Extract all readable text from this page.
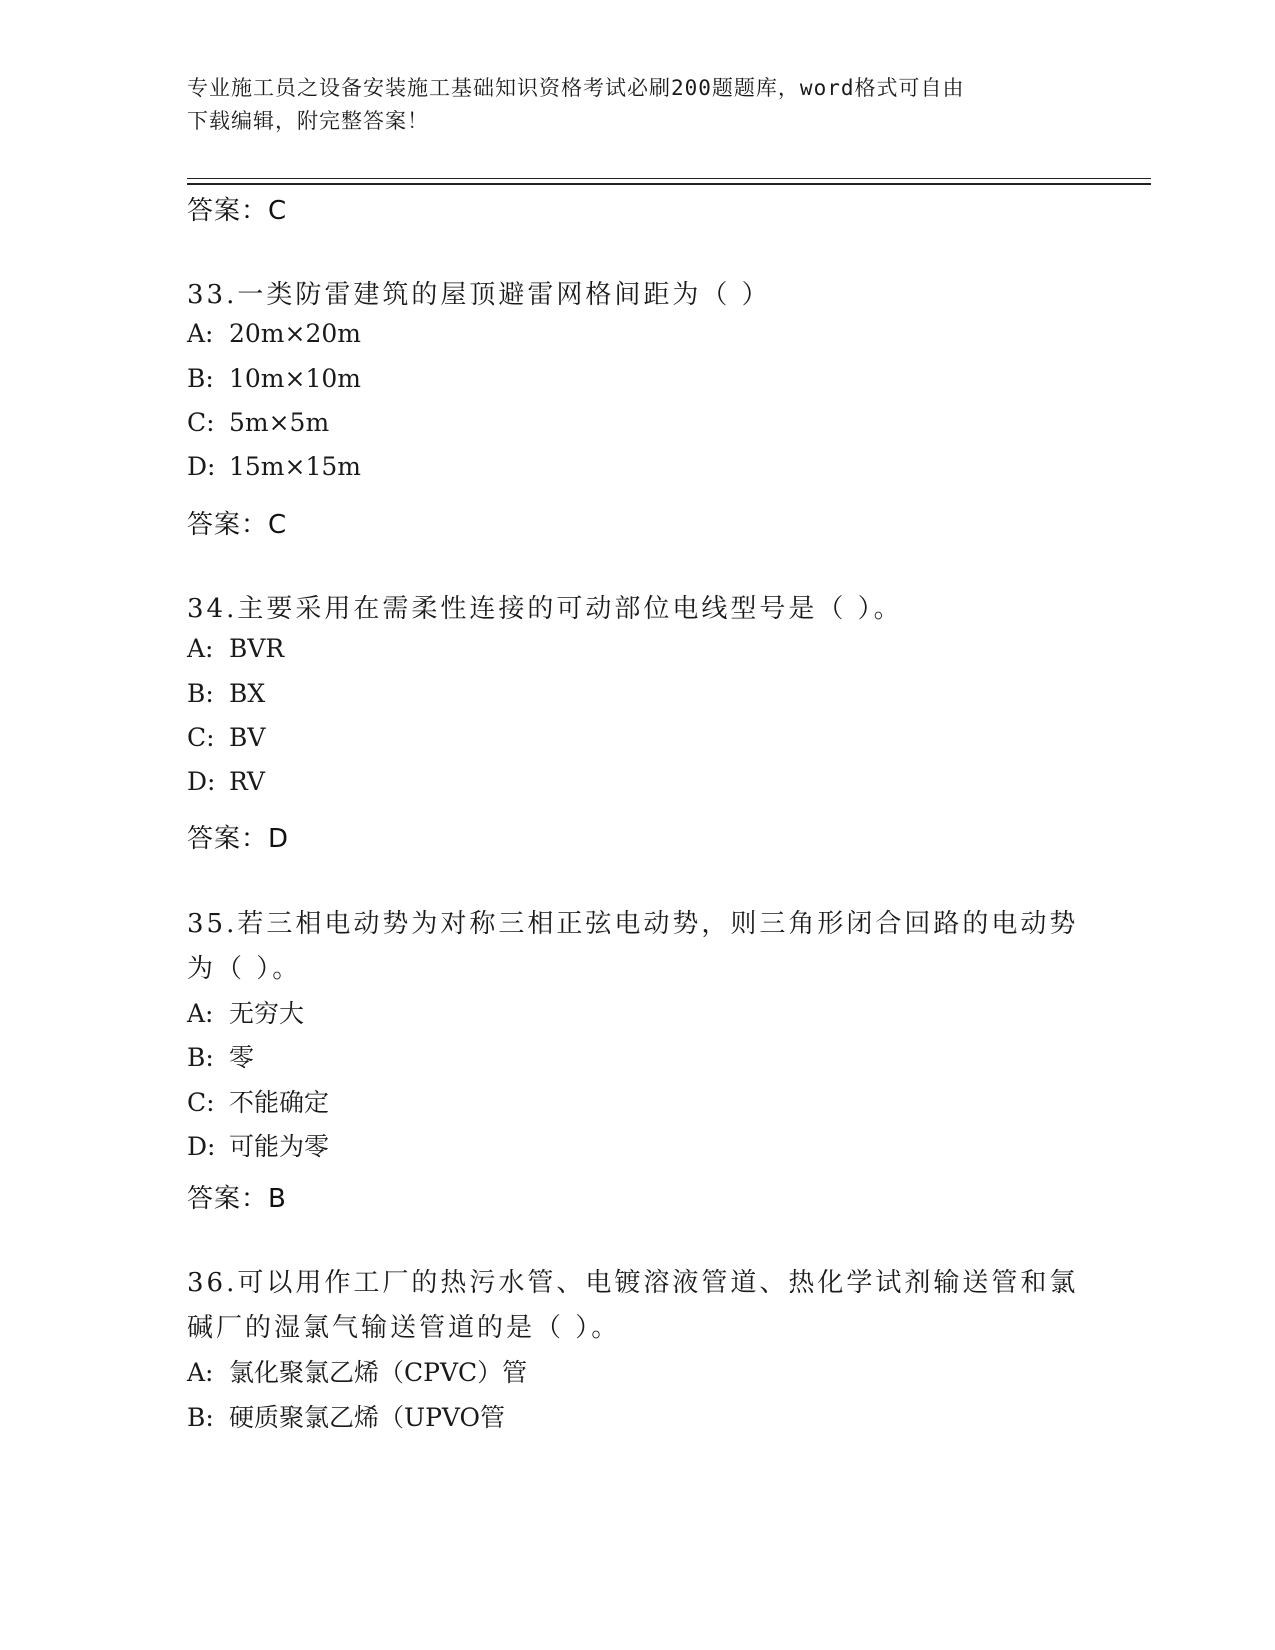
专业施工员之设备安装施工基础知识资格考试必刷200题题库，word格式可自由
下载编辑，附完整答案！
答案：C
33.一类防雷建筑的屋顶避雷网格间距为（ ）
A: 20m×20m
B: 10m×10m
C: 5m×5m
D: 15m×15m
答案：C
34.主要采用在需柔性连接的可动部位电线型号是（ ）。
A: BVR
B: BX
C: BV
D: RV
答案：D
35.若三相电动势为对称三相正弦电动势，则三角形闭合回路的电动势
为（ ）。
A: 无穷大
B: 零
C: 不能确定
D: 可能为零
答案：B
36.可以用作工厂的热污水管、电镀溶液管道、热化学试剂输送管和氯
碱厂的湿氯气输送管道的是（ ）。
A: 氯化聚氯乙烯（CPVC）管
B: 硬质聚氯乙烯（UPVO管
